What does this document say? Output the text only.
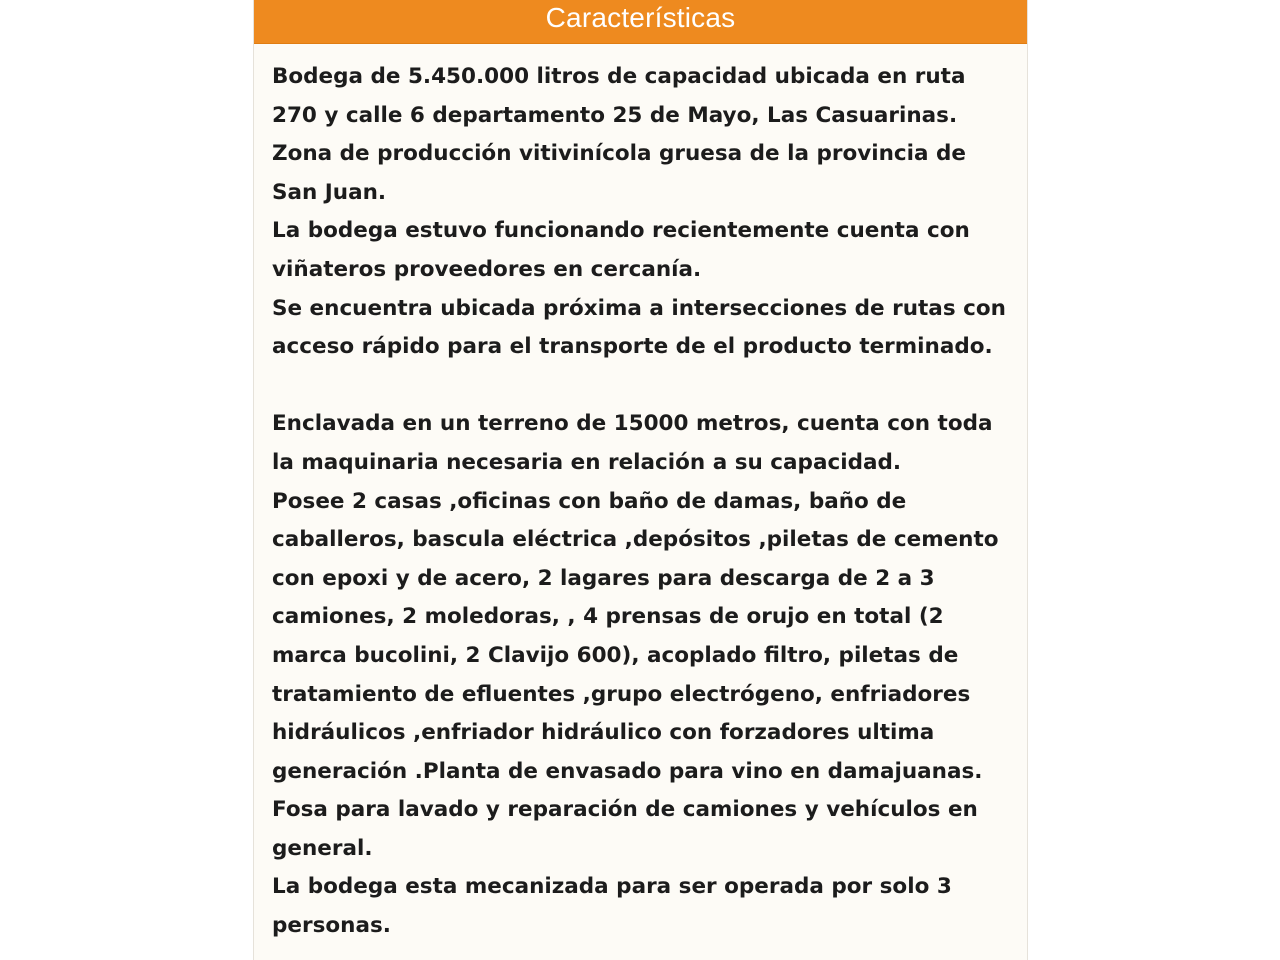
Características

Bodega de 5.450.000 litros de capacidad ubicada en ruta 270 y calle 6 departamento 25 de Mayo, Las Casuarinas.

Zona de producción vitivinícola gruesa de la provincia de San Juan.

La bodega estuvo funcionando recientemente cuenta con viñateros proveedores en cercanía.

Se encuentra ubicada próxima a intersecciones de rutas con acceso rápido para el transporte de el producto terminado.

Enclavada en un terreno de 15000 metros, cuenta con toda la maquinaria necesaria en relación a su capacidad.

Posee 2 casas ,oficinas con baño de damas, baño de caballeros, bascula eléctrica ,depósitos ,piletas de cemento con epoxi y de acero, 2 lagares para descarga de 2 a 3 camiones, 2 moledoras, , 4 prensas de orujo en total (2 marca bucolini, 2 Clavijo 600), acoplado filtro, piletas de tratamiento de efluentes ,grupo electrógeno, enfriadores hidráulicos ,enfriador hidráulico con forzadores ultima generación .Planta de envasado para vino en damajuanas.

Fosa para lavado y reparación de camiones y vehículos en general.

La bodega esta mecanizada para ser operada por solo 3 personas.
